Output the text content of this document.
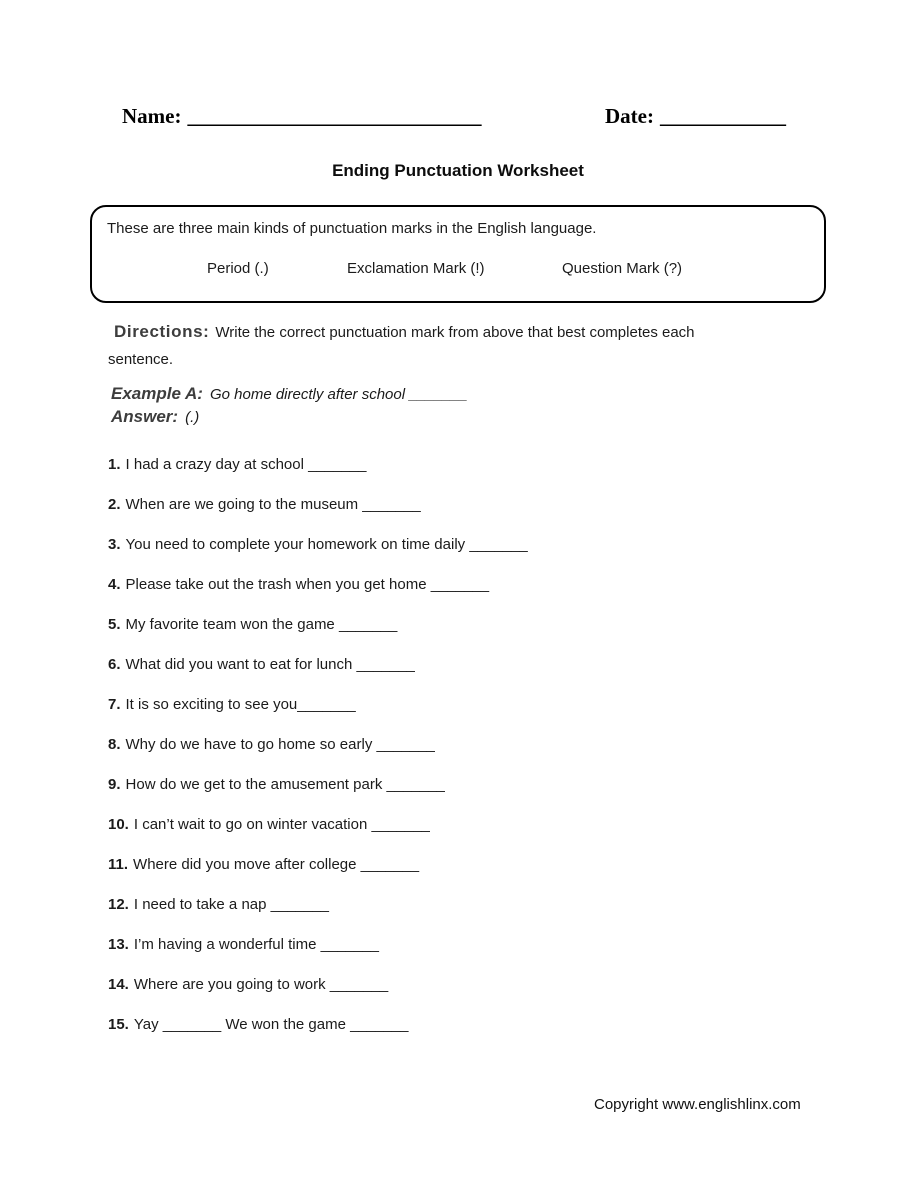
Name: ____________________________	Date: ____________
Ending Punctuation Worksheet
These are three main kinds of punctuation marks in the English language.
Period (.)	Exclamation Mark (!)	Question Mark (?)
Directions: Write the correct punctuation mark from above that best completes each sentence.
Example A: Go home directly after school _______
Answer: (.)
1. I had a crazy day at school _______
2. When are we going to the museum _______
3. You need to complete your homework on time daily _______
4. Please take out the trash when you get home _______
5. My favorite team won the game _______
6. What did you want to eat for lunch _______
7. It is so exciting to see you_______
8. Why do we have to go home so early _______
9. How do we get to the amusement park _______
10. I can’t wait to go on winter vacation _______
11. Where did you move after college _______
12. I need to take a nap _______
13. I’m having a wonderful time _______
14. Where are you going to work _______
15. Yay _______ We won the game _______
Copyright www.englishlinx.com
